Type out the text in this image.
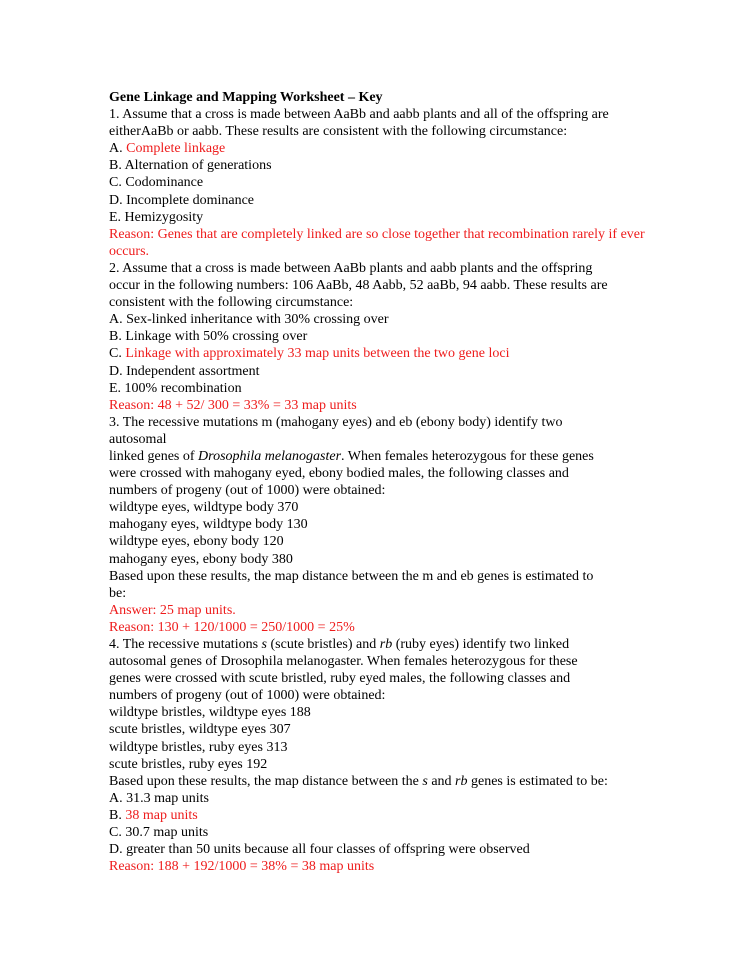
Gene Linkage and Mapping Worksheet – Key
1. Assume that a cross is made between AaBb and aabb plants and all of the offspring are
eitherAaBb or aabb. These results are consistent with the following circumstance:
A. Complete linkage
B. Alternation of generations
C. Codominance
D. Incomplete dominance
E. Hemizygosity
Reason: Genes that are completely linked are so close together that recombination rarely if ever occurs.
2. Assume that a cross is made between AaBb plants and aabb plants and the offspring
occur in the following numbers: 106 AaBb, 48 Aabb, 52 aaBb, 94 aabb. These results are
consistent with the following circumstance:
A. Sex-linked inheritance with 30% crossing over
B. Linkage with 50% crossing over
C. Linkage with approximately 33 map units between the two gene loci
D. Independent assortment
E. 100% recombination
Reason: 48 + 52/ 300 = 33% = 33 map units
3. The recessive mutations m (mahogany eyes) and eb (ebony body) identify two
autosomal
linked genes of Drosophila melanogaster. When females heterozygous for these genes
were crossed with mahogany eyed, ebony bodied males, the following classes and
numbers of progeny (out of 1000) were obtained:
wildtype eyes, wildtype body 370
mahogany eyes, wildtype body 130
wildtype eyes, ebony body 120
mahogany eyes, ebony body 380
Based upon these results, the map distance between the m and eb genes is estimated to
be:
Answer: 25 map units.
Reason: 130 + 120/1000 = 250/1000 = 25%
4. The recessive mutations s (scute bristles) and rb (ruby eyes) identify two linked
autosomal genes of Drosophila melanogaster. When females heterozygous for these
genes were crossed with scute bristled, ruby eyed males, the following classes and
numbers of progeny (out of 1000) were obtained:
wildtype bristles, wildtype eyes 188
scute bristles, wildtype eyes 307
wildtype bristles, ruby eyes 313
scute bristles, ruby eyes 192
Based upon these results, the map distance between the s and rb genes is estimated to be:
A. 31.3 map units
B. 38 map units
C. 30.7 map units
D. greater than 50 units because all four classes of offspring were observed
Reason: 188 + 192/1000 = 38% = 38 map units
